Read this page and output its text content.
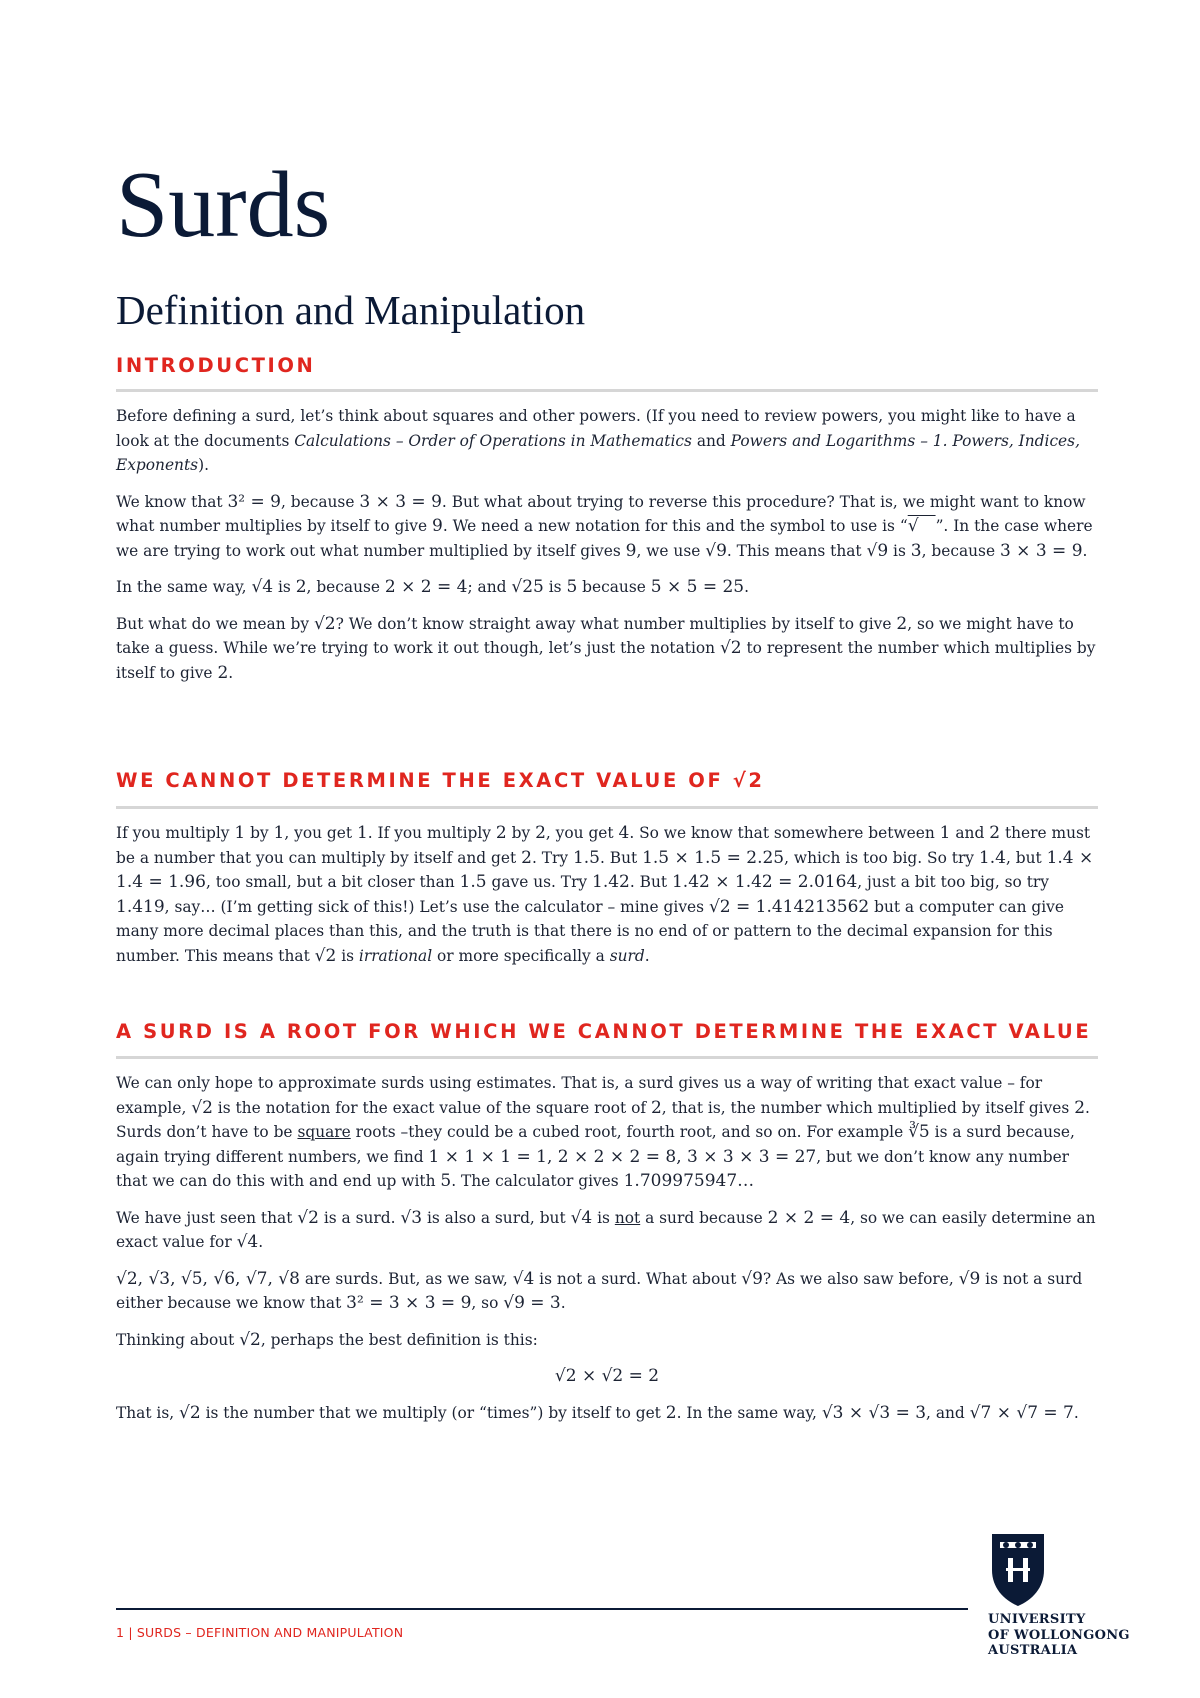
Surds
Definition and Manipulation
INTRODUCTION

Before defining a surd, let’s think about squares and other powers. (If you need to review powers, you might like to have a look at the documents Calculations – Order of Operations in Mathematics and Powers and Logarithms – 1. Powers, Indices, Exponents).

We know that 3² = 9, because 3 × 3 = 9. But what about trying to reverse this procedure? That is, we might want to know what number multiplies by itself to give 9. We need a new notation for this and the symbol to use is “√ ”. In the case where we are trying to work out what number multiplied by itself gives 9, we use √9. This means that √9 is 3, because 3 × 3 = 9.

In the same way, √4 is 2, because 2 × 2 = 4; and √25 is 5 because 5 × 5 = 25.

But what do we mean by √2? We don’t know straight away what number multiplies by itself to give 2, so we might have to take a guess. While we’re trying to work it out though, let’s just the notation √2 to represent the number which multiplies by itself to give 2.

WE CANNOT DETERMINE THE EXACT VALUE OF √2

If you multiply 1 by 1, you get 1. If you multiply 2 by 2, you get 4. So we know that somewhere between 1 and 2 there must be a number that you can multiply by itself and get 2. Try 1.5. But 1.5 × 1.5 = 2.25, which is too big. So try 1.4, but 1.4 × 1.4 = 1.96, too small, but a bit closer than 1.5 gave us. Try 1.42. But 1.42 × 1.42 = 2.0164, just a bit too big, so try 1.419, say… (I’m getting sick of this!) Let’s use the calculator – mine gives √2 = 1.414213562 but a computer can give many more decimal places than this, and the truth is that there is no end of or pattern to the decimal expansion for this number. This means that √2 is irrational or more specifically a surd.

A SURD IS A ROOT FOR WHICH WE CANNOT DETERMINE THE EXACT VALUE

We can only hope to approximate surds using estimates. That is, a surd gives us a way of writing that exact value – for example, √2 is the notation for the exact value of the square root of 2, that is, the number which multiplied by itself gives 2. Surds don’t have to be square roots –they could be a cubed root, fourth root, and so on. For example ∛5 is a surd because, again trying different numbers, we find 1 × 1 × 1 = 1, 2 × 2 × 2 = 8, 3 × 3 × 3 = 27, but we don’t know any number that we can do this with and end up with 5. The calculator gives 1.709975947…

We have just seen that √2 is a surd. √3 is also a surd, but √4 is not a surd because 2 × 2 = 4, so we can easily determine an exact value for √4.

√2, √3, √5, √6, √7, √8 are surds. But, as we saw, √4 is not a surd. What about √9? As we also saw before, √9 is not a surd either because we know that 3² = 3 × 3 = 9, so √9 = 3.

Thinking about √2, perhaps the best definition is this:

√2 × √2 = 2

That is, √2 is the number that we multiply (or “times”) by itself to get 2. In the same way, √3 × √3 = 3, and √7 × √7 = 7.

1 | SURDS – DEFINITION AND MANIPULATION
UNIVERSITY
OF WOLLONGONG
AUSTRALIA
